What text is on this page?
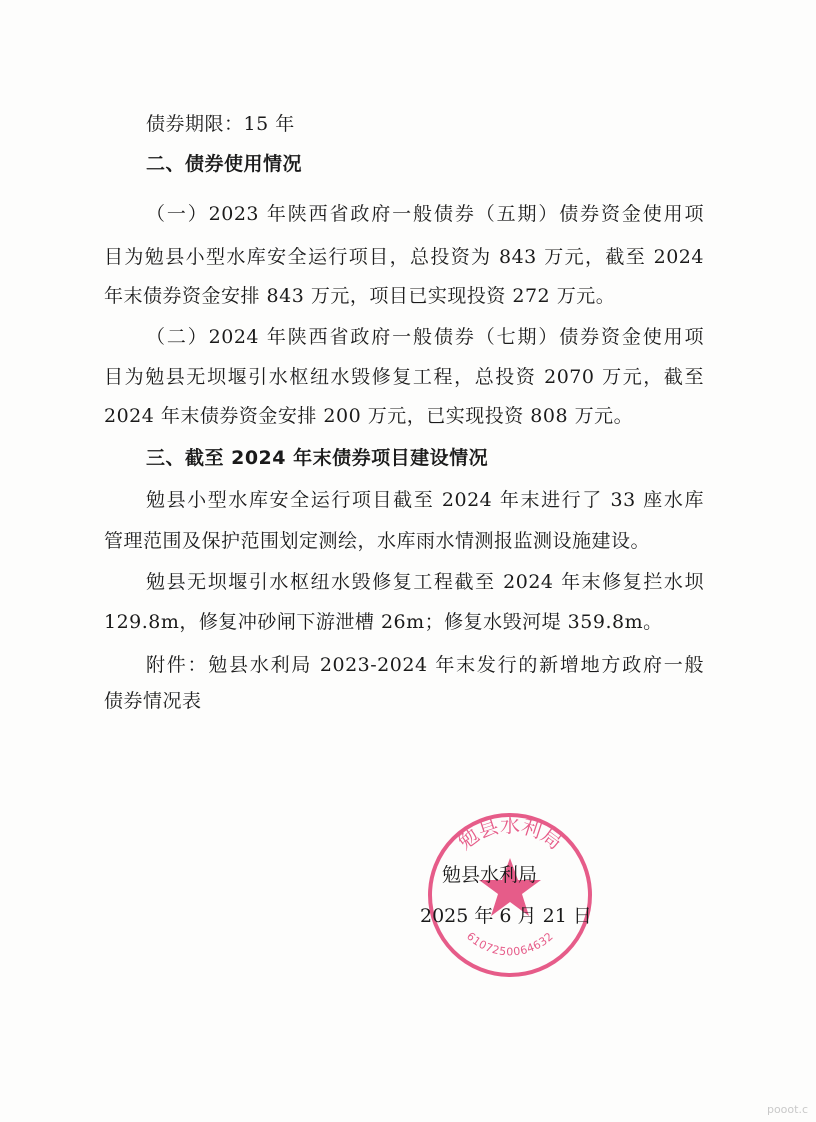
债券期限：15 年
二、债券使用情况
（一）2023 年陕西省政府一般债券（五期）债券资金使用项
目为勉县小型水库安全运行项目，总投资为 843 万元，截至 2024
年末债券资金安排 843 万元，项目已实现投资 272 万元。
（二）2024 年陕西省政府一般债券（七期）债券资金使用项
目为勉县无坝堰引水枢纽水毁修复工程，总投资 2070 万元，截至
2024 年末债券资金安排 200 万元，已实现投资 808 万元。
三、截至 2024 年末债券项目建设情况
勉县小型水库安全运行项目截至 2024 年末进行了 33 座水库
管理范围及保护范围划定测绘，水库雨水情测报监测设施建设。
勉县无坝堰引水枢纽水毁修复工程截至 2024 年末修复拦水坝
129.8m，修复冲砂闸下游泄槽 26m；修复水毁河堤 359.8m。
附件：勉县水利局 2023-2024 年末发行的新增地方政府一般
债券情况表
勉县水利局
6107250064632
勉县水利局
2025 年 6 月 21 日
pooot.c
